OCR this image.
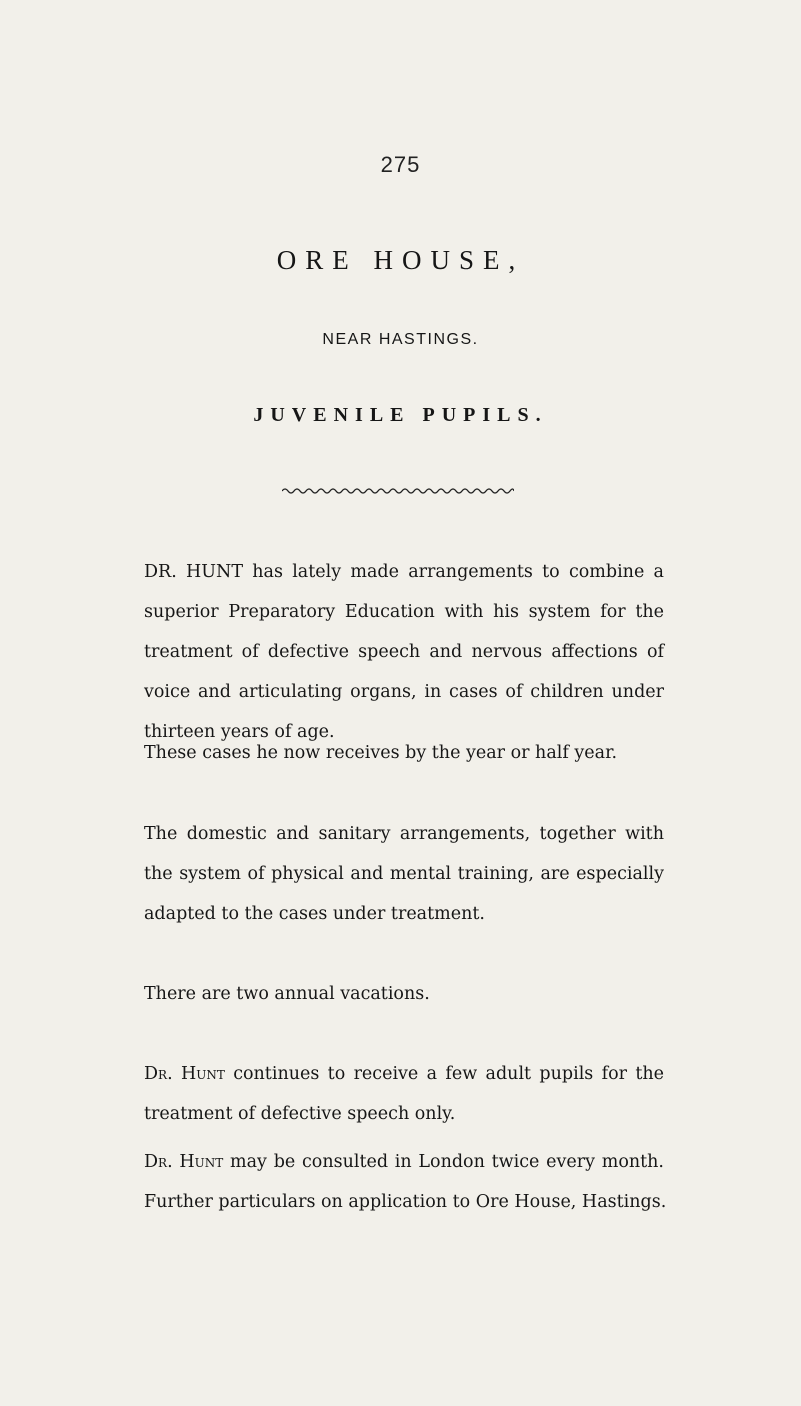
275
ORE HOUSE,
NEAR HASTINGS.
JUVENILE PUPILS.

DR. HUNT has lately made arrangements to combine a
superior Preparatory Education with his system for the
treatment of defective speech and nervous affections of
voice and articulating organs, in cases of children under
thirteen years of age.

These cases he now receives by the year or half year.

The domestic and sanitary arrangements, together with
the system of physical and mental training, are especially
adapted to the cases under treatment.

There are two annual vacations.

Dr. Hunt continues to receive a few adult pupils for the
treatment of defective speech only.

Dr. Hunt may be consulted in London twice every month.
Further particulars on application to Ore House, Hastings.
